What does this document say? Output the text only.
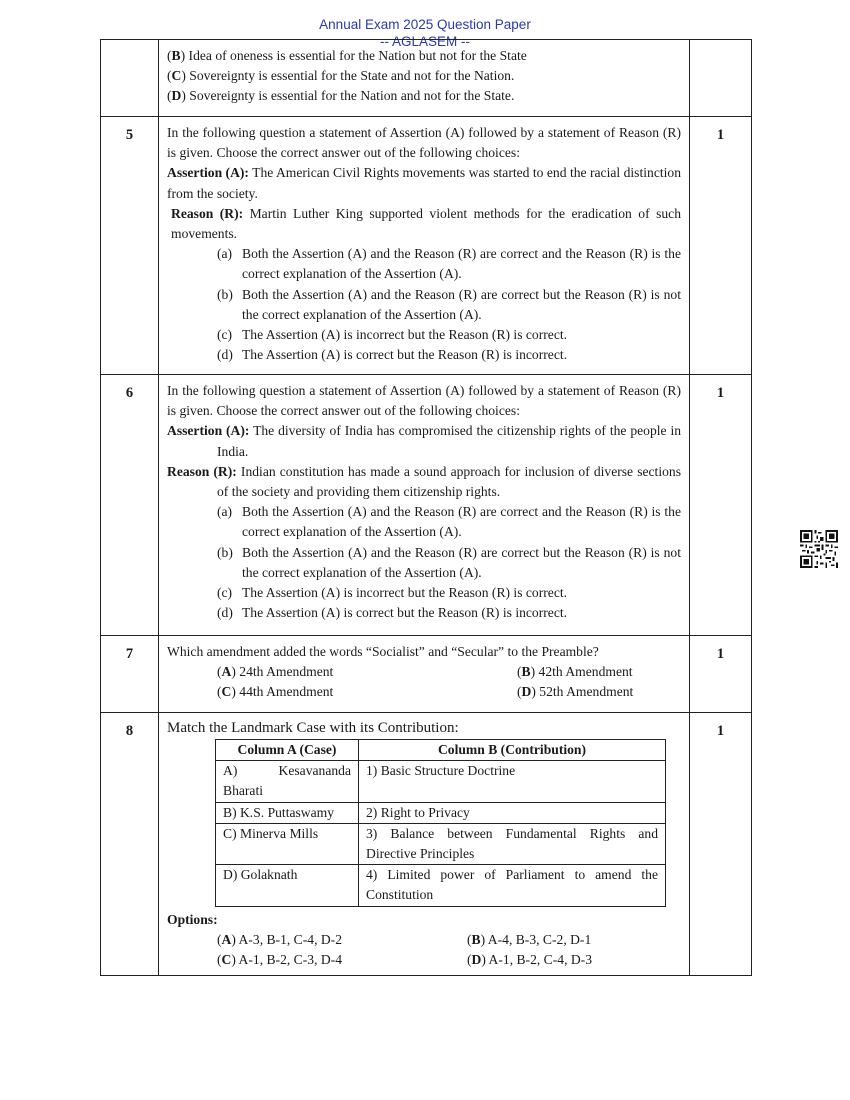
Annual Exam 2025 Question Paper
-- AGLASEM --

(B) Idea of oneness is essential for the Nation but not for the State
(C) Sovereignty is essential for the State and not for the Nation.
(D) Sovereignty is essential for the Nation and not for the State.

5	In the following question a statement of Assertion (A) followed by a statement of Reason (R) is given. Choose the correct answer out of the following choices:
Assertion (A): The American Civil Rights movements was started to end the racial distinction from the society.
Reason (R): Martin Luther King supported violent methods for the eradication of such movements.
(a) Both the Assertion (A) and the Reason (R) are correct and the Reason (R) is the correct explanation of the Assertion (A).
(b) Both the Assertion (A) and the Reason (R) are correct but the Reason (R) is not the correct explanation of the Assertion (A).
(c) The Assertion (A) is incorrect but the Reason (R) is correct.
(d) The Assertion (A) is correct but the Reason (R) is incorrect.
	1
6	In the following question a statement of Assertion (A) followed by a statement of Reason (R) is given. Choose the correct answer out of the following choices:
Assertion (A): The diversity of India has compromised the citizenship rights of the people in India.
Reason (R): Indian constitution has made a sound approach for inclusion of diverse sections of the society and providing them citizenship rights.
(a) Both the Assertion (A) and the Reason (R) are correct and the Reason (R) is the correct explanation of the Assertion (A).
(b) Both the Assertion (A) and the Reason (R) are correct but the Reason (R) is not the correct explanation of the Assertion (A).
(c) The Assertion (A) is incorrect but the Reason (R) is correct.
(d) The Assertion (A) is correct but the Reason (R) is incorrect.
	1
7	Which amendment added the words “Socialist” and “Secular” to the Preamble?
(A) 24th Amendment	(B) 42th Amendment
(C) 44th Amendment	(D) 52th Amendment
	1
8	Match the Landmark Case with its Contribution:
Column A (Case)	Column B (Contribution)
A) Kesavananda Bharati	1) Basic Structure Doctrine
B) K.S. Puttaswamy	2) Right to Privacy
C) Minerva Mills	3) Balance between Fundamental Rights and Directive Principles
D) Golaknath	4) Limited power of Parliament to amend the Constitution
Options:
(A) A-3, B-1, C-4, D-2	(B) A-4, B-3, C-2, D-1
(C) A-1, B-2, C-3, D-4	(D) A-1, B-2, C-4, D-3
	1
